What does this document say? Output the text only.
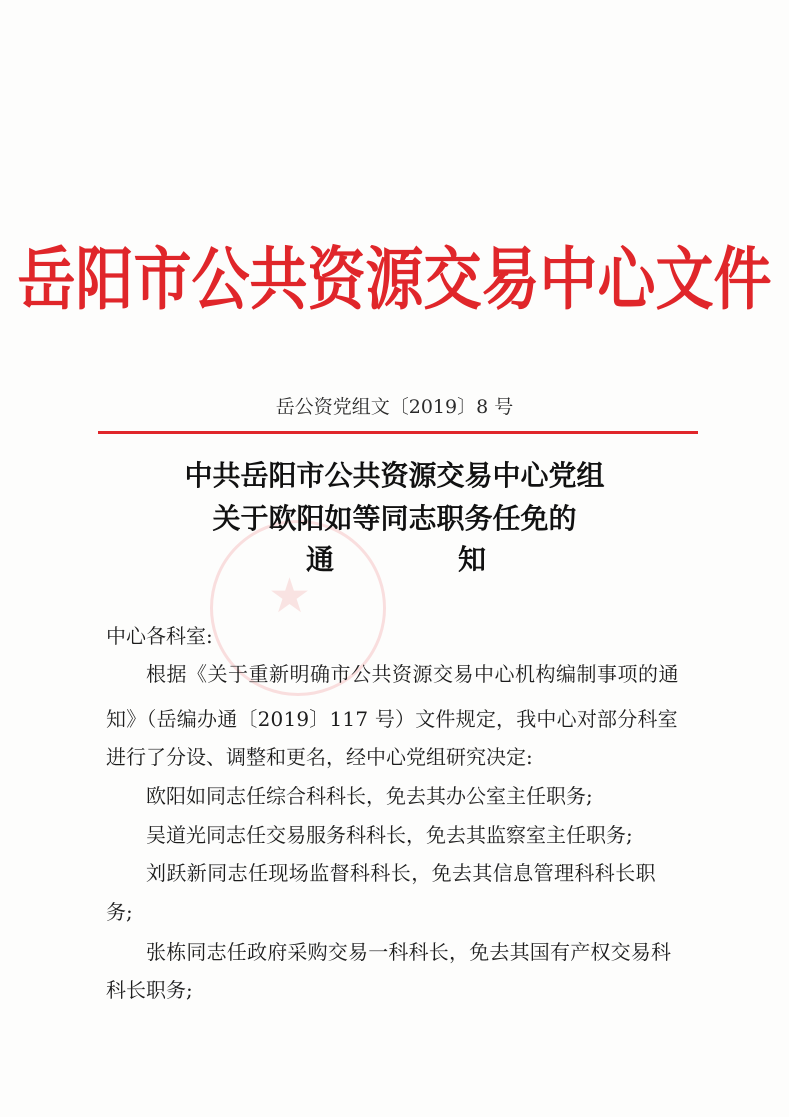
岳阳市公共资源交易中心文件
岳公资党组文〔2019〕8 号
★
中共岳阳市公共资源交易中心党组
关于欧阳如等同志职务任免的
通	知
中心各科室:
根据《关于重新明确市公共资源交易中心机构编制事项的通
知》（岳编办通〔2019〕117 号）文件规定，我中心对部分科室
进行了分设、调整和更名，经中心党组研究决定:
欧阳如同志任综合科科长，免去其办公室主任职务;
吴道光同志任交易服务科科长，免去其监察室主任职务;
刘跃新同志任现场监督科科长，免去其信息管理科科长职
务;
张栋同志任政府采购交易一科科长，免去其国有产权交易科
科长职务;
